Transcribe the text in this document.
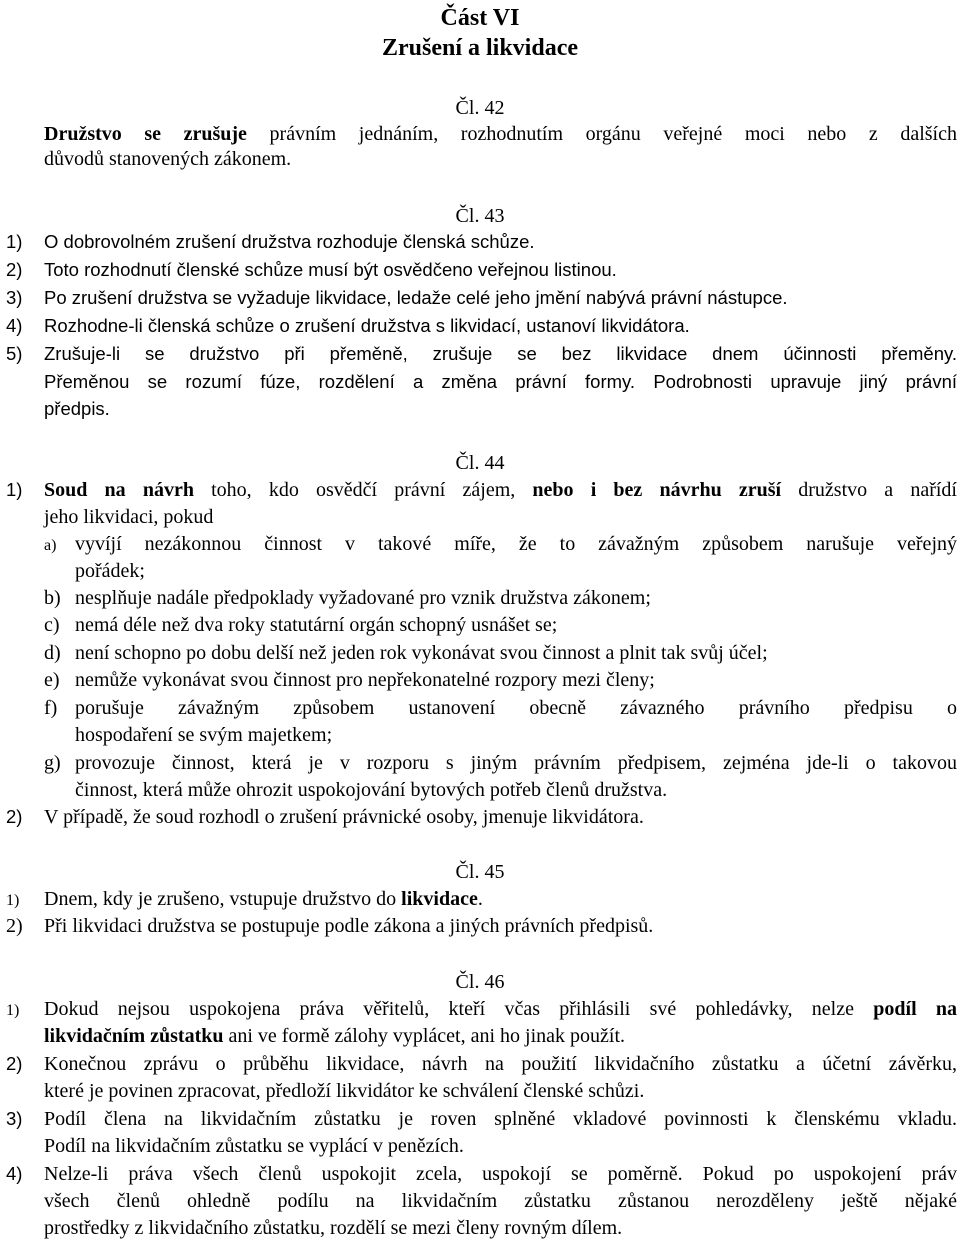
Část VI
Zrušení a likvidace
Čl. 42
Družstvo se zrušuje právním jednáním, rozhodnutím orgánu veřejné moci nebo z dalších
důvodů stanovených zákonem.
Čl. 43
1) O dobrovolném zrušení družstva rozhoduje členská schůze.
2) Toto rozhodnutí členské schůze musí být osvědčeno veřejnou listinou.
3) Po zrušení družstva se vyžaduje likvidace, ledaže celé jeho jmění nabývá právní nástupce.
4) Rozhodne-li členská schůze o zrušení družstva s likvidací, ustanoví likvidátora.
5) Zrušuje-li se družstvo při přeměně, zrušuje se bez likvidace dnem účinnosti přeměny.
Přeměnou se rozumí fúze, rozdělení a změna právní formy. Podrobnosti upravuje jiný právní
předpis.
Čl. 44
1) Soud na návrh toho, kdo osvědčí právní zájem, nebo i bez návrhu zruší družstvo a nařídí
jeho likvidaci, pokud
a) vyvíjí nezákonnou činnost v takové míře, že to závažným způsobem narušuje veřejný
pořádek;
b) nesplňuje nadále předpoklady vyžadované pro vznik družstva zákonem;
c) nemá déle než dva roky statutární orgán schopný usnášet se;
d) není schopno po dobu delší než jeden rok vykonávat svou činnost a plnit tak svůj účel;
e) nemůže vykonávat svou činnost pro nepřekonatelné rozpory mezi členy;
f) porušuje závažným způsobem ustanovení obecně závazného právního předpisu o
hospodaření se svým majetkem;
g) provozuje činnost, která je v rozporu s jiným právním předpisem, zejména jde-li o takovou
činnost, která může ohrozit uspokojování bytových potřeb členů družstva.
2) V případě, že soud rozhodl o zrušení právnické osoby, jmenuje likvidátora.
Čl. 45
1) Dnem, kdy je zrušeno, vstupuje družstvo do likvidace.
2) Při likvidaci družstva se postupuje podle zákona a jiných právních předpisů.
Čl. 46
1) Dokud nejsou uspokojena práva věřitelů, kteří včas přihlásili své pohledávky, nelze podíl na
likvidačním zůstatku ani ve formě zálohy vyplácet, ani ho jinak použít.
2) Konečnou zprávu o průběhu likvidace, návrh na použití likvidačního zůstatku a účetní závěrku,
které je povinen zpracovat, předloží likvidátor ke schválení členské schůzi.
3) Podíl člena na likvidačním zůstatku je roven splněné vkladové povinnosti k členskému vkladu.
Podíl na likvidačním zůstatku se vyplácí v penězích.
4) Nelze-li práva všech členů uspokojit zcela, uspokojí se poměrně. Pokud po uspokojení práv
všech členů ohledně podílu na likvidačním zůstatku zůstanou nerozděleny ještě nějaké
prostředky z likvidačního zůstatku, rozdělí se mezi členy rovným dílem.
